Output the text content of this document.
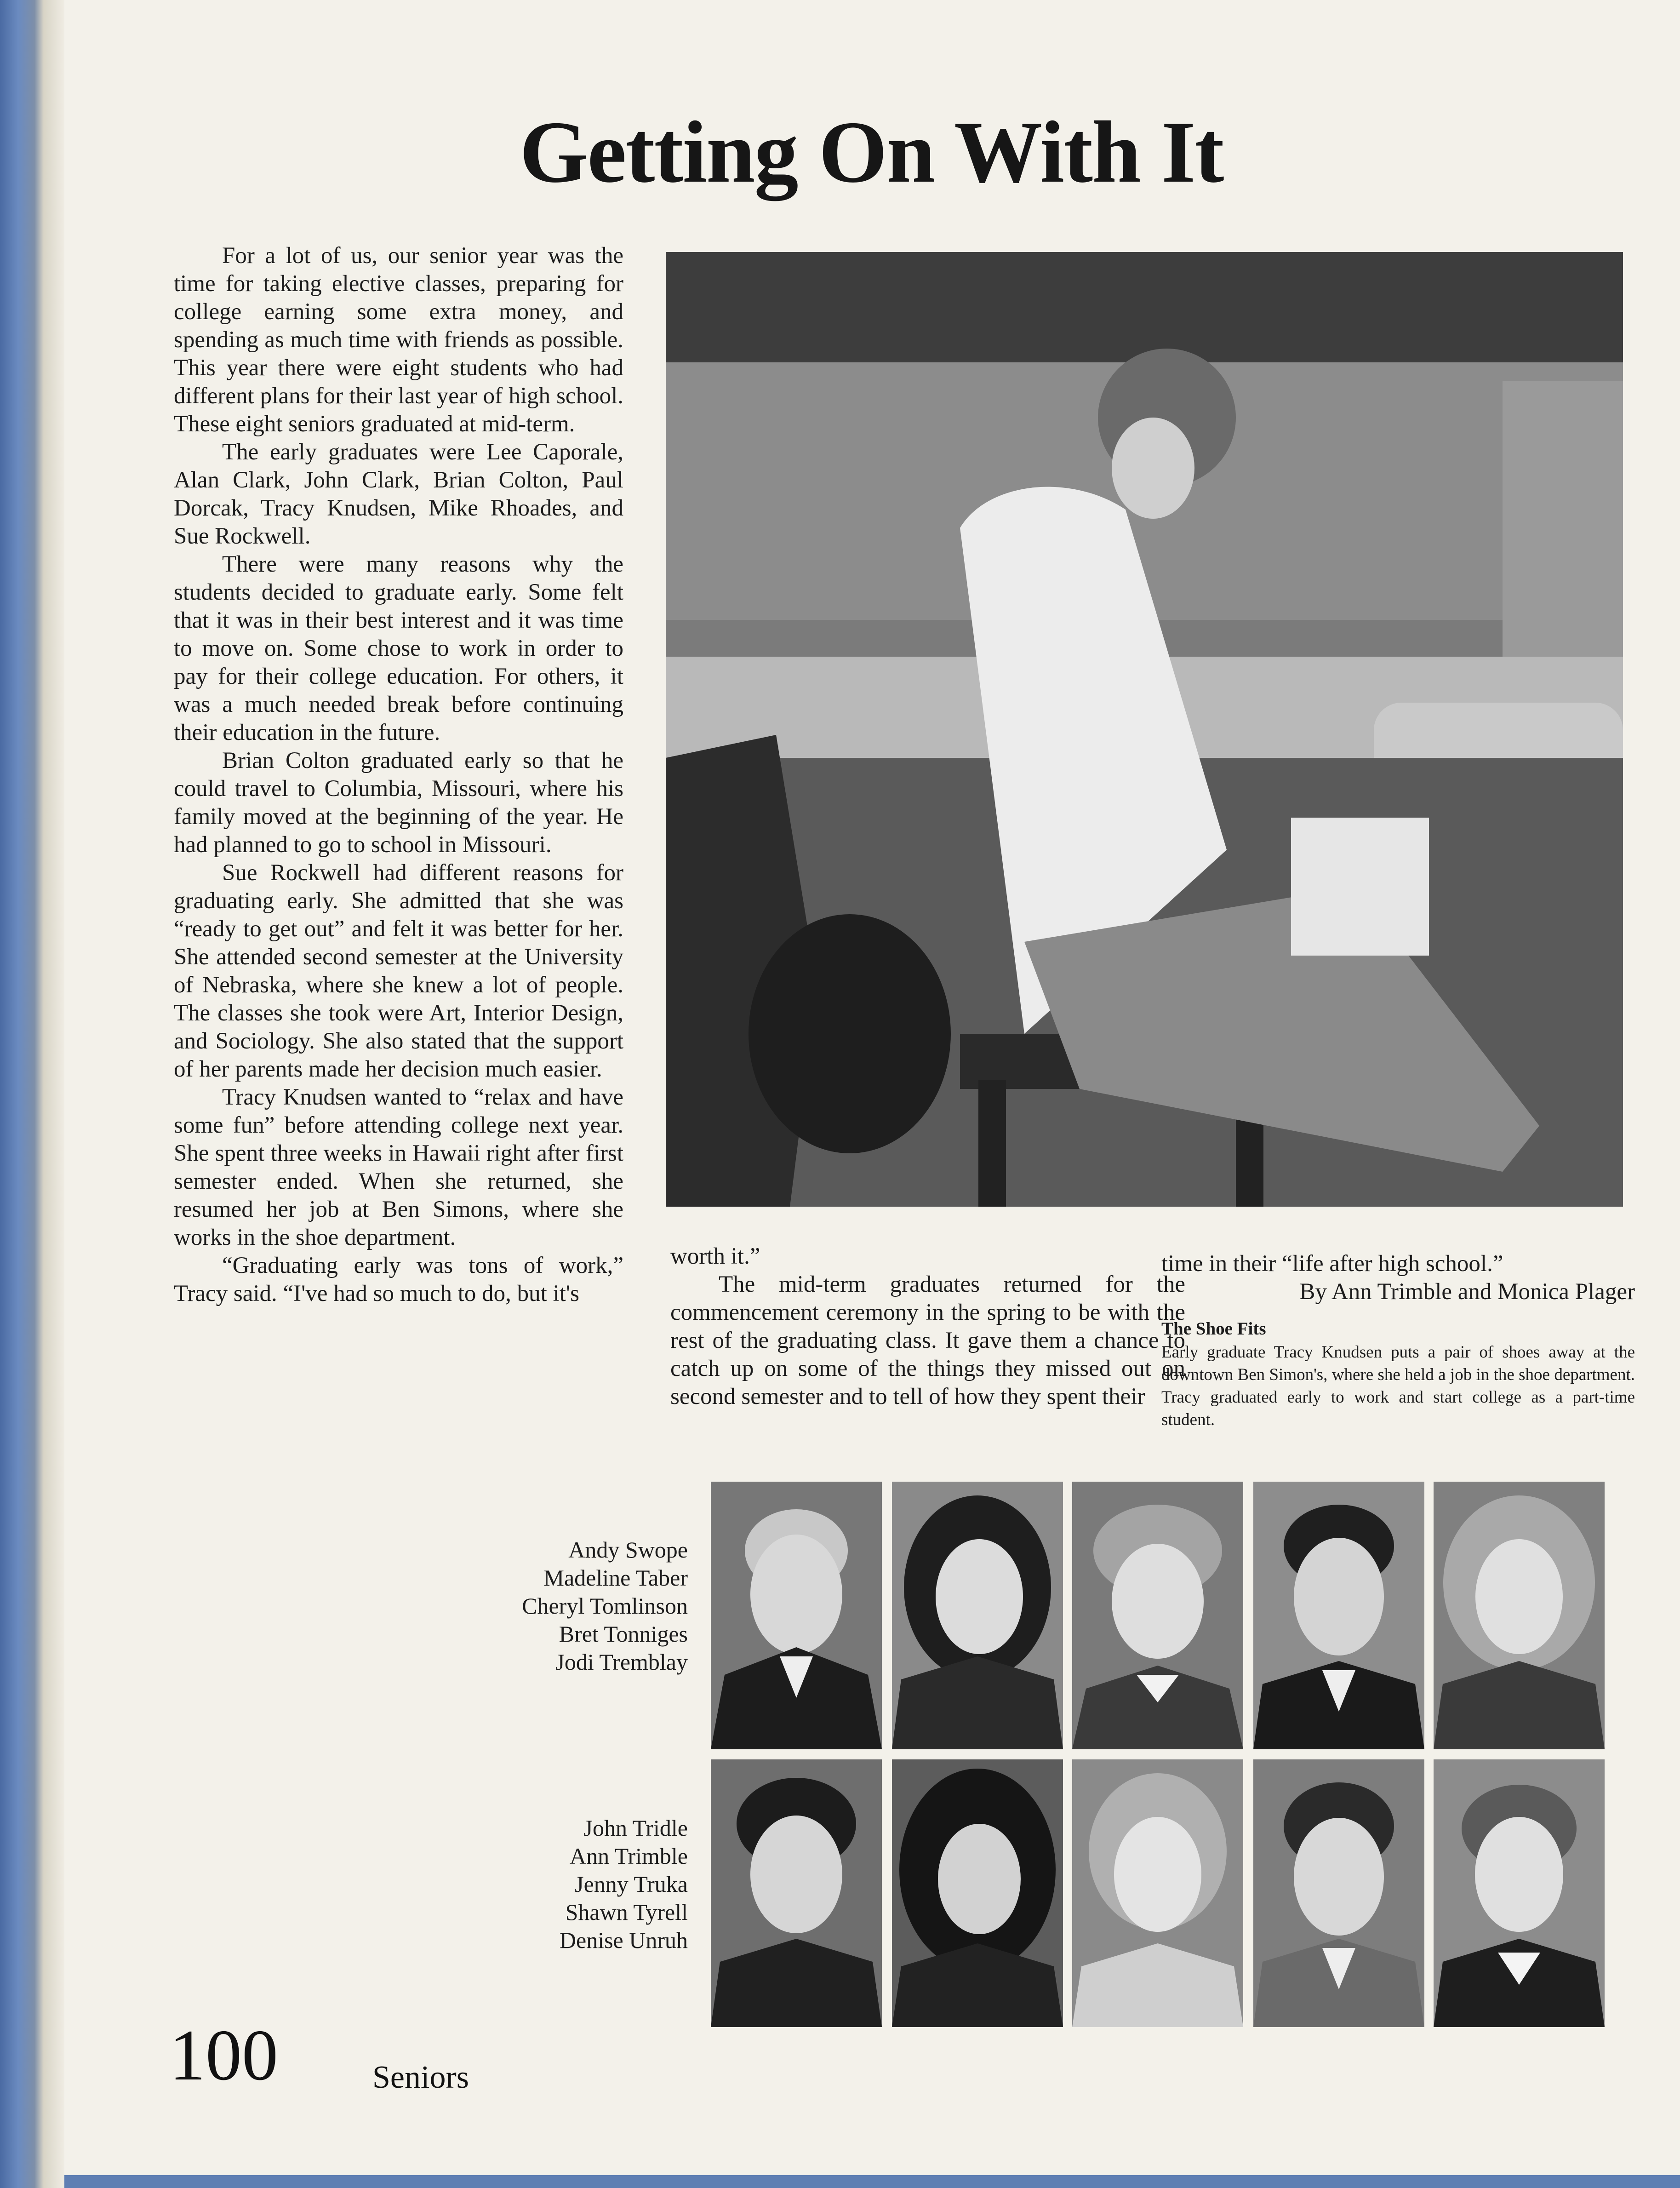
Getting On With It

For a lot of us, our senior year was the time for taking elective classes, preparing for college earning some extra money, and spending as much time with friends as possible. This year there were eight students who had different plans for their last year of high school. These eight seniors graduated at mid-term.

The early graduates were Lee Caporale, Alan Clark, John Clark, Brian Colton, Paul Dorcak, Tracy Knudsen, Mike Rhoades, and Sue Rockwell.

There were many reasons why the students decided to graduate early. Some felt that it was in their best interest and it was time to move on. Some chose to work in order to pay for their college education. For others, it was a much needed break before continuing their education in the future.

Brian Colton graduated early so that he could travel to Columbia, Missouri, where his family moved at the beginning of the year. He had planned to go to school in Missouri.

Sue Rockwell had different reasons for graduating early. She admitted that she was “ready to get out” and felt it was better for her. She attended second semester at the University of Nebraska, where she knew a lot of people. The classes she took were Art, Interior Design, and Sociology. She also stated that the support of her parents made her decision much easier.

Tracy Knudsen wanted to “relax and have some fun” before attending college next year. She spent three weeks in Hawaii right after first semester ended. When she returned, she resumed her job at Ben Simons, where she works in the shoe department.

“Graduating early was tons of work,” Tracy said. “I've had so much to do, but it's

worth it.”

The mid-term graduates returned for the commencement ceremony in the spring to be with the rest of the graduating class. It gave them a chance to catch up on some of the things they missed out on second semester and to tell of how they spent their

time in their “life after high school.”

By Ann Trimble and Monica Plager
The Shoe Fits
Early graduate Tracy Knudsen puts a pair of shoes away at the downtown Ben Simon's, where she held a job in the shoe department. Tracy graduated early to work and start college as a part-time student.
Andy Swope
Madeline Taber
Cheryl Tomlinson
Bret Tonniges
Jodi Tremblay
John Tridle
Ann Trimble
Jenny Truka
Shawn Tyrell
Denise Unruh
100	Seniors
